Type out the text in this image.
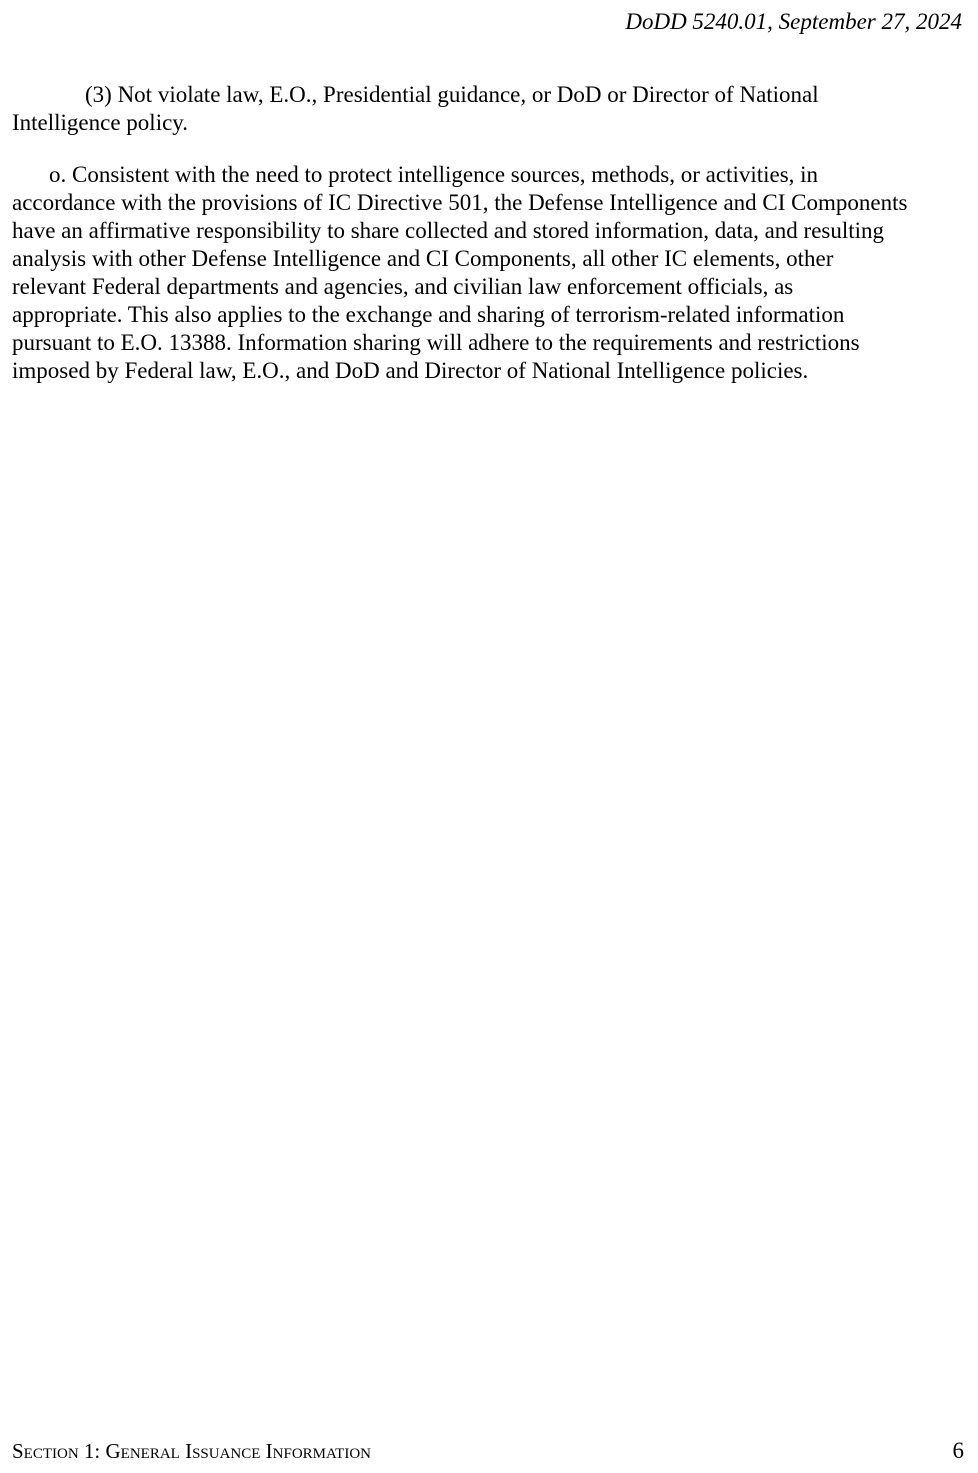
DoDD 5240.01, September 27, 2024
(3) Not violate law, E.O., Presidential guidance, or DoD or Director of National
Intelligence policy.
o. Consistent with the need to protect intelligence sources, methods, or activities, in
accordance with the provisions of IC Directive 501, the Defense Intelligence and CI Components
have an affirmative responsibility to share collected and stored information, data, and resulting
analysis with other Defense Intelligence and CI Components, all other IC elements, other
relevant Federal departments and agencies, and civilian law enforcement officials, as
appropriate. This also applies to the exchange and sharing of terrorism-related information
pursuant to E.O. 13388. Information sharing will adhere to the requirements and restrictions
imposed by Federal law, E.O., and DoD and Director of National Intelligence policies.
Section 1: General Issuance Information	6
